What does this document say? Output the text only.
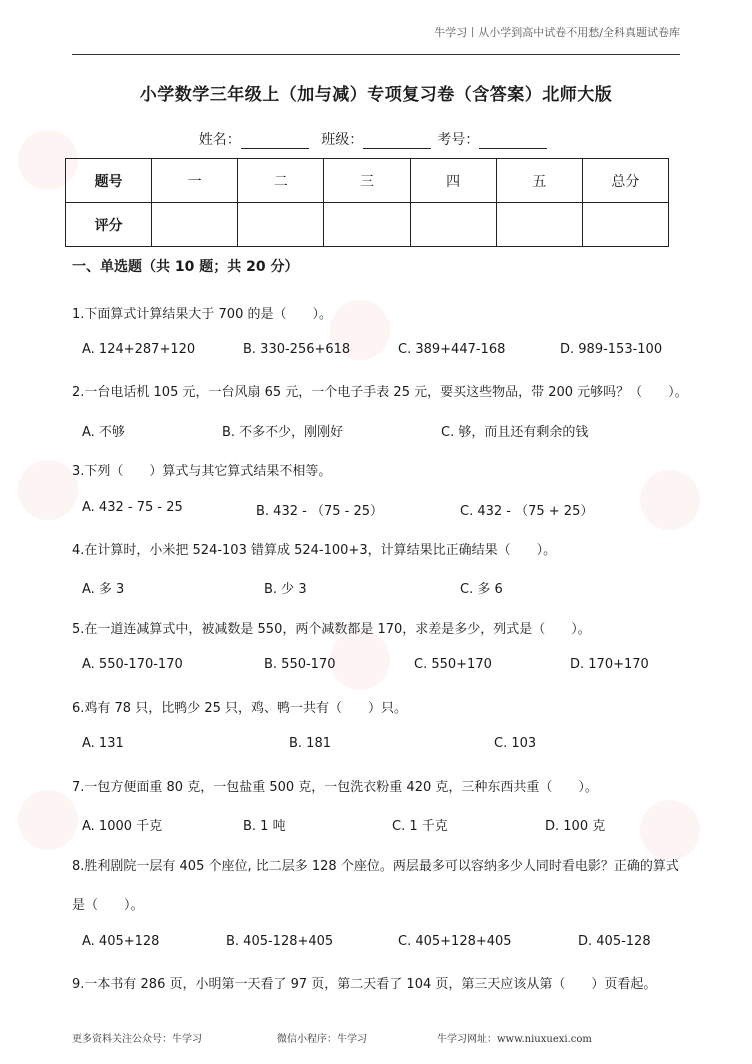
牛学习丨从小学到高中试卷不用愁/全科真题试卷库
小学数学三年级上（加与减）专项复习卷（含答案）北师大版
姓名：	班级：	考号：
题号	一	二	三	四	五	总分
评分						
一、单选题（共 10 题；共 20 分）
1.下面算式计算结果大于 700 的是（　　）。
A. 124+287+120	B. 330-256+618	C. 389+447-168	D. 989-153-100
2.一台电话机 105 元，一台风扇 65 元，一个电子手表 25 元，要买这些物品，带 200 元够吗？（　　）。
A. 不够	B. 不多不少，刚刚好	C. 够，而且还有剩余的钱
3.下列（　　）算式与其它算式结果不相等。
A. 432 - 75 - 25	B. 432 - （75 - 25）	C. 432 - （75 + 25）
4.在计算时，小米把 524-103 错算成 524-100+3，计算结果比正确结果（　　）。
A. 多 3	B. 少 3	C. 多 6
5.在一道连减算式中，被减数是 550，两个减数都是 170，求差是多少，列式是（　　）。
A. 550-170-170	B. 550-170	C. 550+170	D. 170+170
6.鸡有 78 只，比鸭少 25 只，鸡、鸭一共有（　　）只。
A. 131	B. 181	C. 103
7.一包方便面重 80 克，一包盐重 500 克，一包洗衣粉重 420 克，三种东西共重（　　）。
A. 1000 千克	B. 1 吨	C. 1 千克	D. 100 克
8.胜利剧院一层有 405 个座位, 比二层多 128 个座位。两层最多可以容纳多少人同时看电影？正确的算式
是（　　）。
A. 405+128	B. 405-128+405	C. 405+128+405	D. 405-128
9.一本书有 286 页，小明第一天看了 97 页，第二天看了 104 页，第三天应该从第（　　）页看起。
更多资料关注公众号：牛学习	微信小程序：牛学习	牛学习网址：www.niuxuexi.com
